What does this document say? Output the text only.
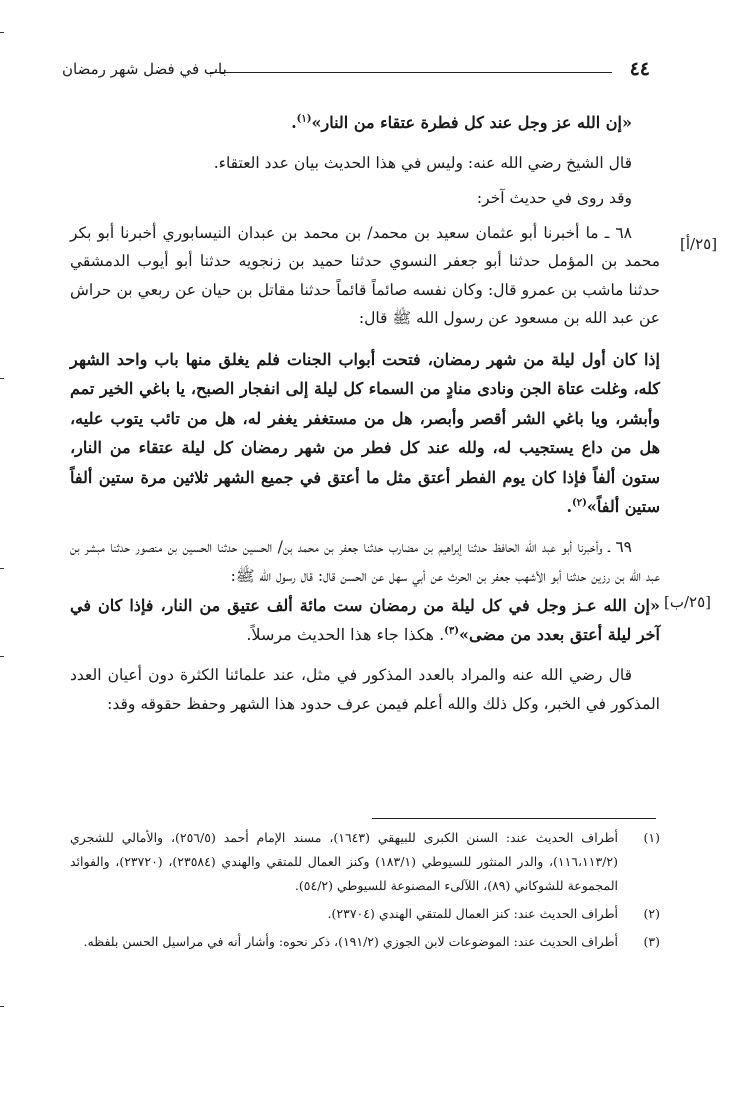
٤٤
باب في فضل شهر رمضان
[٢٥/أ]
[٢٥/ب]

«إن الله عز وجل عند كل فطرة عتقاء من النار»$^{(١)}$.

قال الشيخ رضي الله عنه: وليس في هذا الحديث بيان عدد العتقاء.

وقد روى في حديث آخر:

٦٨ ـ ما أخبرنا أبو عثمان سعيد بن محمد/ بن محمد بن عبدان النيسابوري أخبرنا أبو بكر محمد بن المؤمل حدثنا أبو جعفر النسوي حدثنا حميد بن زنجويه حدثنا أبو أيوب الدمشقي حدثنا ماشب بن عمرو قال: وكان نفسه صائماً قائماً حدثنا مقاتل بن حيان عن ربعي بن حراش عن عبد الله بن مسعود عن رسول الله ﷺ قال:

إذا كان أول ليلة من شهر رمضان، فتحت أبواب الجنات فلم يغلق منها باب واحد الشهر كله، وغلت عتاة الجن ونادى منادٍ من السماء كل ليلة إلى انفجار الصبح، يا باغي الخير تمم وأبشر، ويا باغي الشر أقصر وأبصر، هل من مستغفر يغفر له، هل من تائب يتوب عليه، هل من داع يستجيب له، ولله عند كل فطر من شهر رمضان كل ليلة عتقاء من النار، ستون ألفاً فإذا كان يوم الفطر أعتق مثل ما أعتق في جميع الشهر ثلاثين مرة ستين ألفاً ستين ألفاً»$^{(٢)}$.

٦٩ ـ وأخبرنا أبو عبد الله الحافظ حدثنا إبراهيم بن مضارب حدثنا جعفر بن محمد بن/ الحسين حدثنا الحسين بن منصور حدثنا مبشر بن عبد الله بن رزين حدثنا أبو الأشهب جعفر بن الحرث عن أبي سهل عن الحسن قال: قال رسول الله ﷺ:

«إن الله عـز وجل في كل ليلة من رمضان ست مائة ألف عتيق من النار، فإذا كان في آخر ليلة أعتق بعدد من مضى»$^{(٣)}$. هكذا جاء هذا الحديث مرسلاً.

قال رضي الله عنه والمراد بالعدد المذكور في مثل، عند علمائنا الكثرة دون أعيان العدد المذكور في الخبر، وكل ذلك والله أعلم فيمن عرف حدود هذا الشهر وحفظ حقوقه وقد:

(١)
أطراف الحديث عند: السنن الكبرى للبيهقي (١٦٤٣)، مسند الإمام أحمد (٢٥٦/٥)، والأمالي للشجري (١١٦،١١٣/٢)، والدر المنثور للسيوطي (١٨٣/١) وكنز العمال للمتقي والهندي (٢٣٥٨٤)، (٢٣٧٢٠)، والفوائد المجموعة للشوكاني (٨٩)، اللآلىء المصنوعة للسيوطي (٥٤/٢).

(٢)
أطراف الحديث عند: كنز العمال للمتقي الهندي (٢٣٧٠٤).

(٣)
أطراف الحديث عند: الموضوعات لابن الجوزي (١٩١/٢)، ذكر نحوه: وأشار أنه في مراسيل الحسن بلفظه.
